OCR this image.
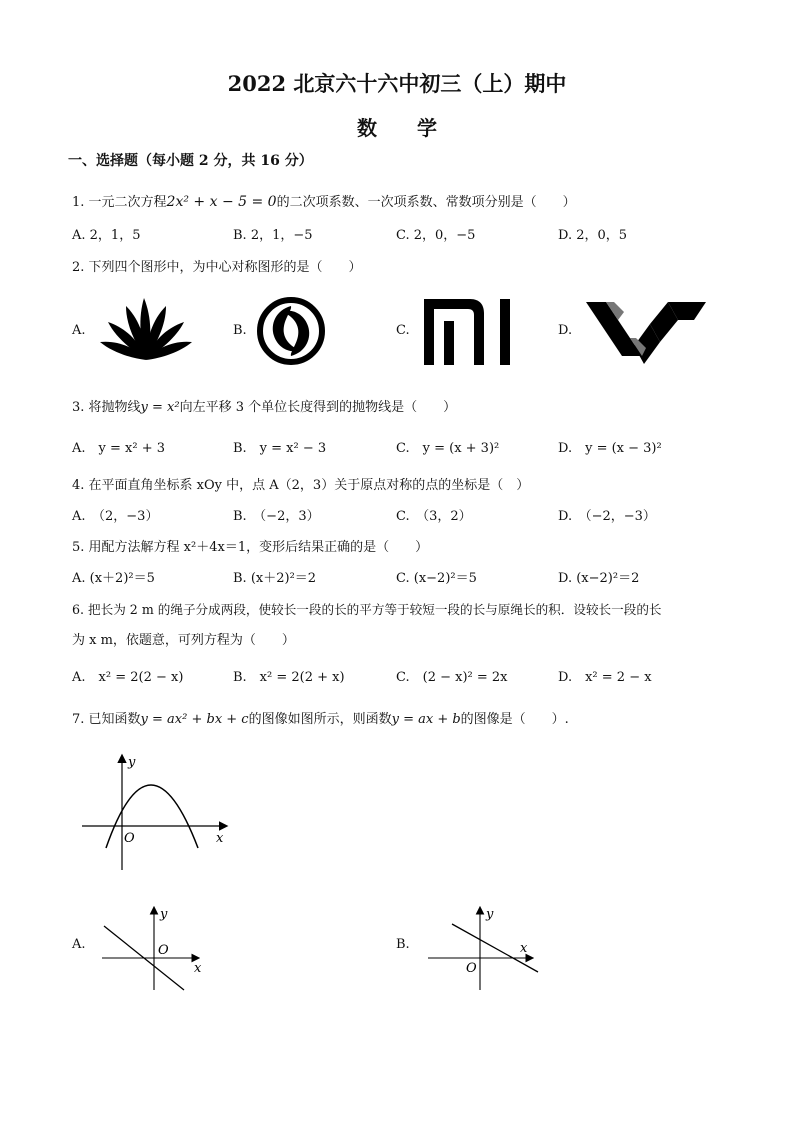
2022 北京六十六中初三（上）期中
数学
一、选择题（每小题 2 分，共 16 分）
1. 一元二次方程2x² + x − 5 = 0的二次项系数、一次项系数、常数项分别是（　　）
A. 2，1，5	B. 2，1，−5	C. 2，0，−5	D. 2，0，5
2. 下列四个图形中，为中心对称图形的是（　　）
A.	B.	C.	D.
3. 将抛物线y = x²向左平移 3 个单位长度得到的抛物线是（　　）
A.　y = x² + 3	B.　y = x² − 3	C.　y = (x + 3)²	D.　y = (x − 3)²
4. 在平面直角坐标系 xOy 中，点 A（2，3）关于原点对称的点的坐标是（　）
A.　（2，−3）	B.　（−2，3）	C.　（3，2）	D.　（−2，−3）
5. 用配方法解方程 x²＋4x＝1，变形后结果正确的是（　　）
A. (x＋2)²＝5	B. (x＋2)²＝2	C. (x−2)²＝5	D. (x−2)²＝2
6. 把长为 2 m 的绳子分成两段，使较长一段的长的平方等于较短一段的长与原绳长的积．设较长一段的长
为 x m，依题意，可列方程为（　　）
A.　x² = 2(2 − x)	B.　x² = 2(2 + x)	C.　(2 − x)² = 2x	D.　x² = 2 − x
7. 已知函数y = ax² + bx + c的图像如图所示，则函数y = ax + b的图像是（　　）.
y
x
O
A.
y
x
O	B.
y
x
O
